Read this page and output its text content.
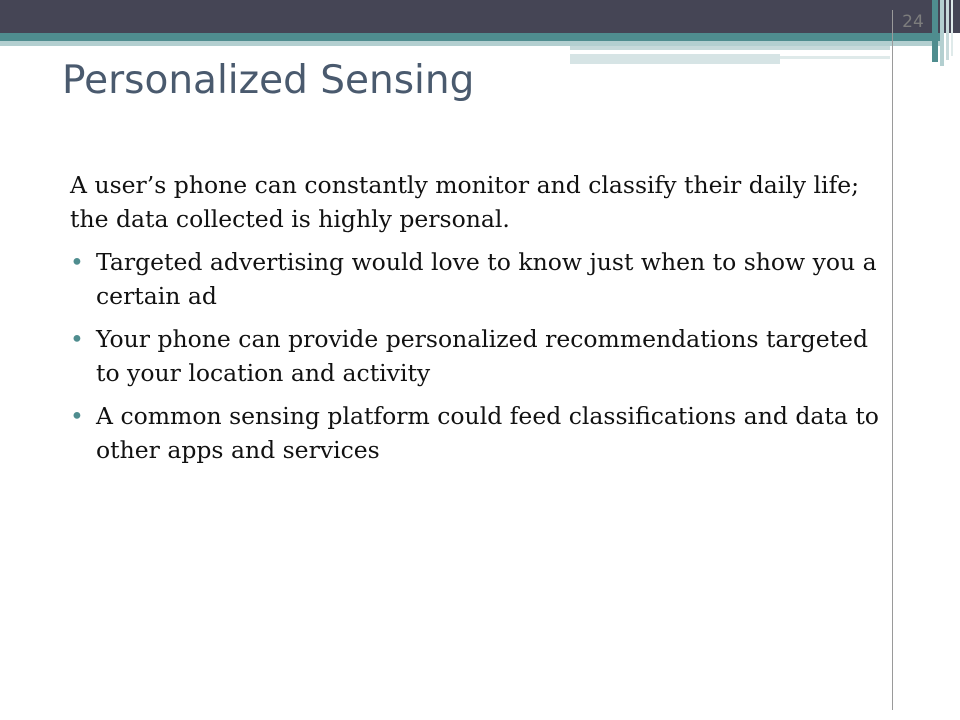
24
Personalized Sensing

A user’s phone can constantly monitor and classify their daily life; the data collected is highly personal.

• Targeted advertising would love to know just when to show you a certain ad
• Your phone can provide personalized recommendations targeted to your location and activity
• A common sensing platform could feed classifications and data to other apps and services
